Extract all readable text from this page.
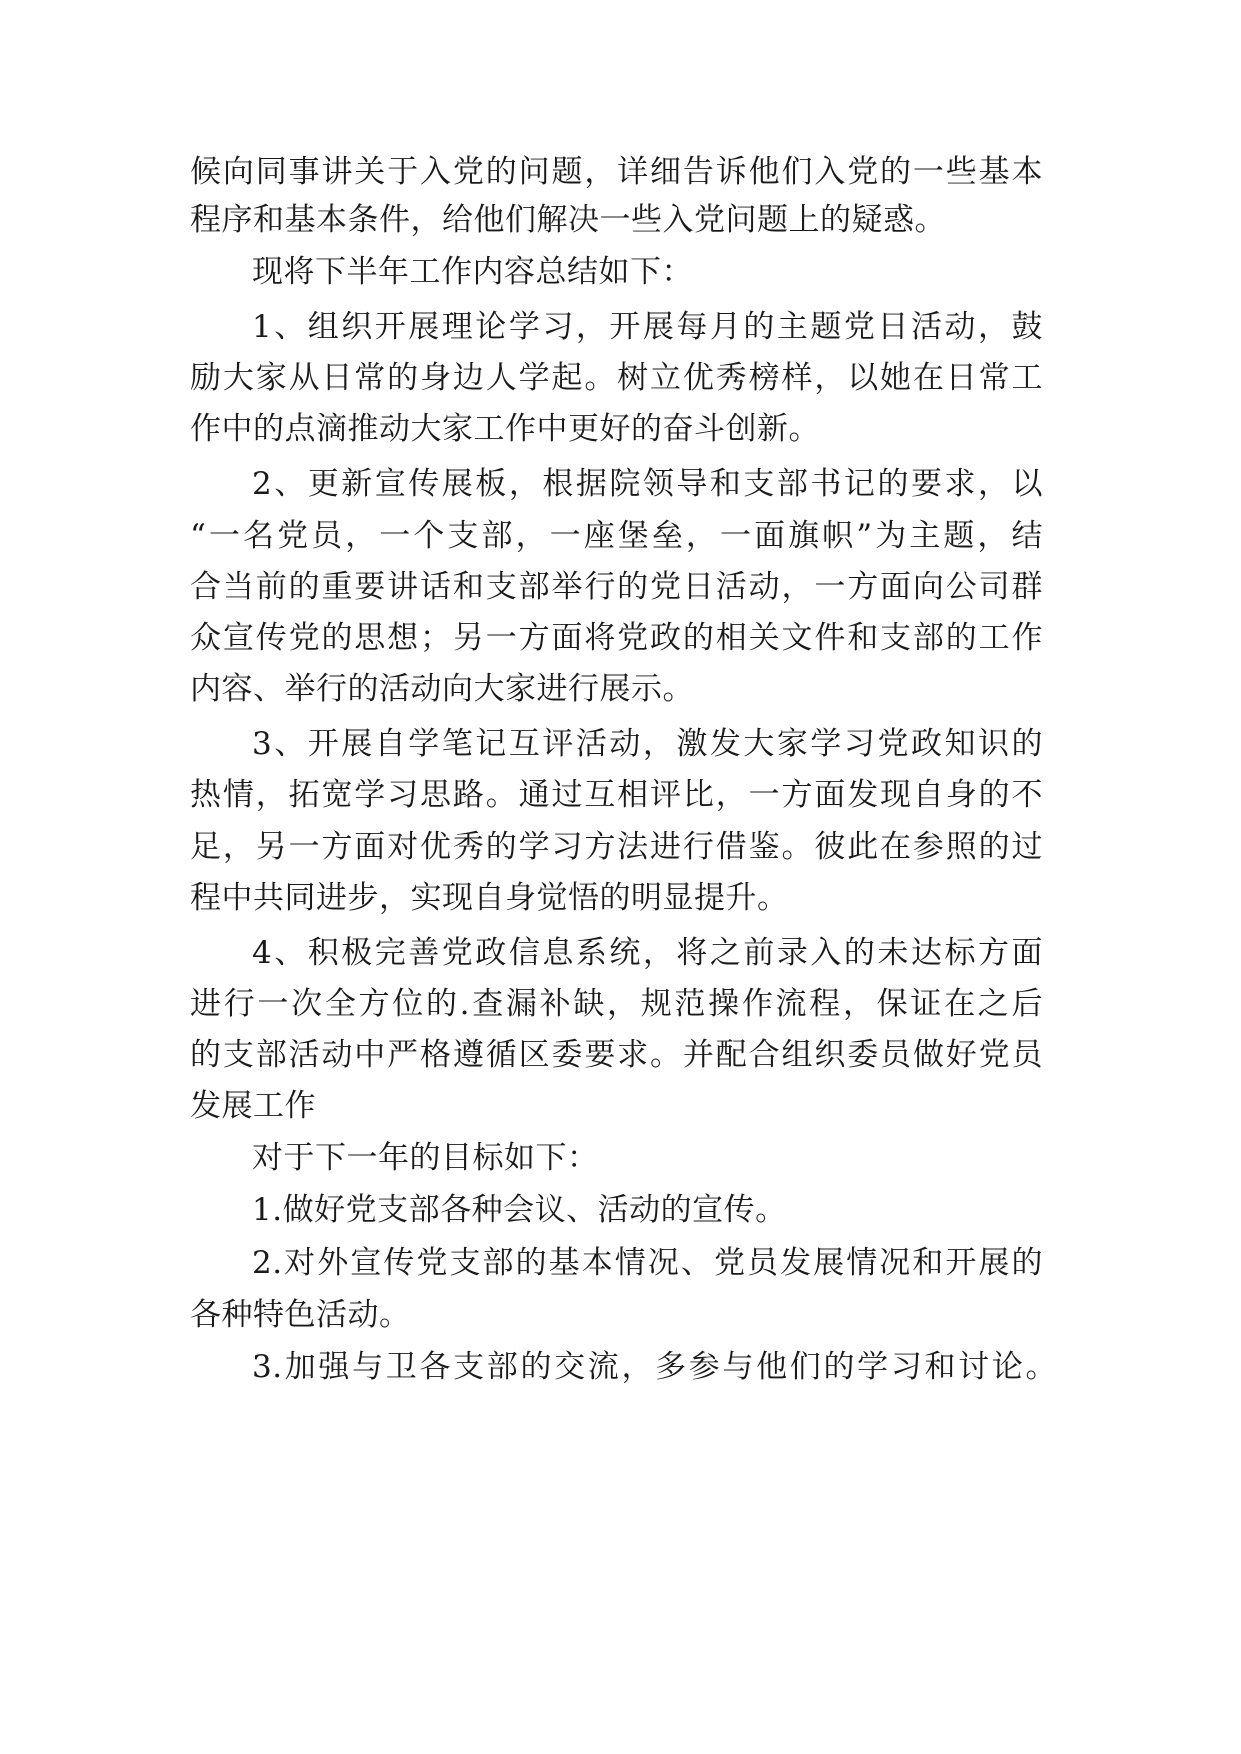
候向同事讲关于入党的问题，详细告诉他们入党的一些基本

程序和基本条件，给他们解决一些入党问题上的疑惑。

现将下半年工作内容总结如下：

1、组织开展理论学习，开展每月的主题党日活动，鼓

励大家从日常的身边人学起。树立优秀榜样，以她在日常工

作中的点滴推动大家工作中更好的奋斗创新。

2、更新宣传展板，根据院领导和支部书记的要求，以

“一名党员，一个支部，一座堡垒，一面旗帜”为主题，结

合当前的重要讲话和支部举行的党日活动，一方面向公司群

众宣传党的思想；另一方面将党政的相关文件和支部的工作

内容、举行的活动向大家进行展示。

3、开展自学笔记互评活动，激发大家学习党政知识的

热情，拓宽学习思路。通过互相评比，一方面发现自身的不

足，另一方面对优秀的学习方法进行借鉴。彼此在参照的过

程中共同进步，实现自身觉悟的明显提升。

4、积极完善党政信息系统，将之前录入的未达标方面

进行一次全方位的.查漏补缺，规范操作流程，保证在之后

的支部活动中严格遵循区委要求。并配合组织委员做好党员

发展工作

对于下一年的目标如下：

1.做好党支部各种会议、活动的宣传。

2.对外宣传党支部的基本情况、党员发展情况和开展的

各种特色活动。

3.加强与卫各支部的交流，多参与他们的学习和讨论。
